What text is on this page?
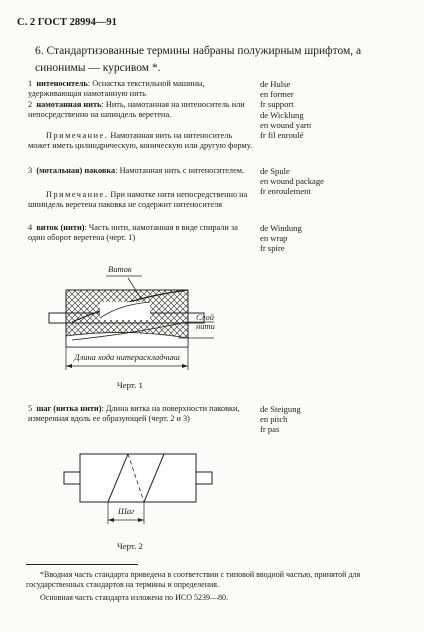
С. 2 ГОСТ 28994—91
6. Стандартизованные термины набраны полужирным шрифтом, а синонимы — курсивом *.
1 нитеноситель: Оснастка текстильной машины, удерживающая намотанную нить
2 намотанная нить: Нить, намотанная на нитеноситель или непосредственно на шпиндель веретена.
Примечание. Намотанная нить на нитеноситель может иметь цилиндрическую, коническую или другую форму.
de Hulse
en former
fr support
de Wicklung
en wound yarn
fr fil enroulé
3 (мотальная) паковка: Намотанная нить с нитеносителем.
Примечание. При намотке нити непосредственно на шпиндель веретена паковка не содержит нитеносителя
de Spule
en wound package
fr enroulement
4 виток (нити): Часть нити, намотанная в виде спирали за один оборот веретена (черт. 1)
de Windung
en wrap
fr spire
Виток
Слой нити
Длина хода нитераскладчика
Черт. 1
5 шаг (витка нити): Длина витка на поверхности паковки, измеренная вдоль ее образующей (черт. 2 и 3)
de Steigung
en pitch
fr pas
Шаг
Черт. 2
*Вводная часть стандарта приведена в соответствии с типовой вводной частью, принятой для государственных стандартов на термины и определения.
Основная часть стандарта изложена по ИСО 5239—80.
